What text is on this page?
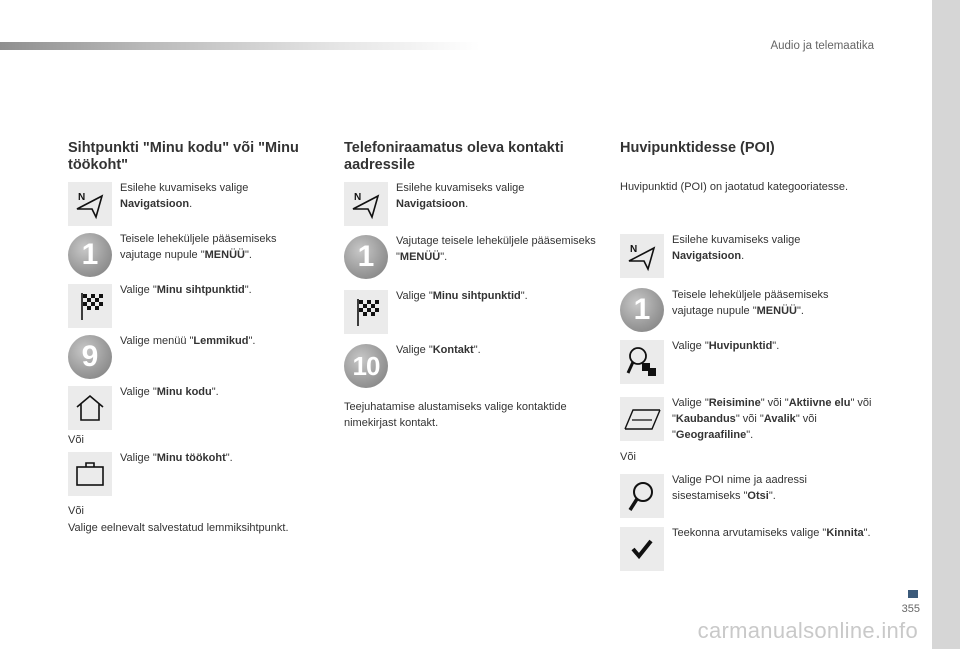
Audio ja telemaatika
355
carmanualsonline.info
Sihtpunkti "Minu kodu" või "Minu töökoht"
N
Esilehe kuvamiseks valige Navigatsioon.
1	Teisele leheküljele pääsemiseks vajutage nupule "MENÜÜ".
Valige "Minu sihtpunktid".
9	Valige menüü "Lemmikud".
Valige "Minu kodu".
Või
Valige "Minu töökoht".
Või
Valige eelnevalt salvestatud lemmiksihtpunkt.
Telefoniraamatus oleva kontakti aadressile
N
Esilehe kuvamiseks valige Navigatsioon.
1	Vajutage teisele leheküljele pääsemiseks "MENÜÜ".
Valige "Minu sihtpunktid".
10
Valige "Kontakt".
Teejuhatamise alustamiseks valige kontaktide nimekirjast kontakt.
Huvipunktidesse (POI)
Huvipunktid (POI) on jaotatud kategooriatesse.
N
Esilehe kuvamiseks valige Navigatsioon.
1	Teisele leheküljele pääsemiseks vajutage nupule "MENÜÜ".
Valige "Huvipunktid".
Valige "Reisimine" või "Aktiivne elu" või "Kaubandus" või "Avalik" või "Geograafiline".
Või
Valige POI nime ja aadressi sisestamiseks "Otsi".
Teekonna arvutamiseks valige "Kinnita".
